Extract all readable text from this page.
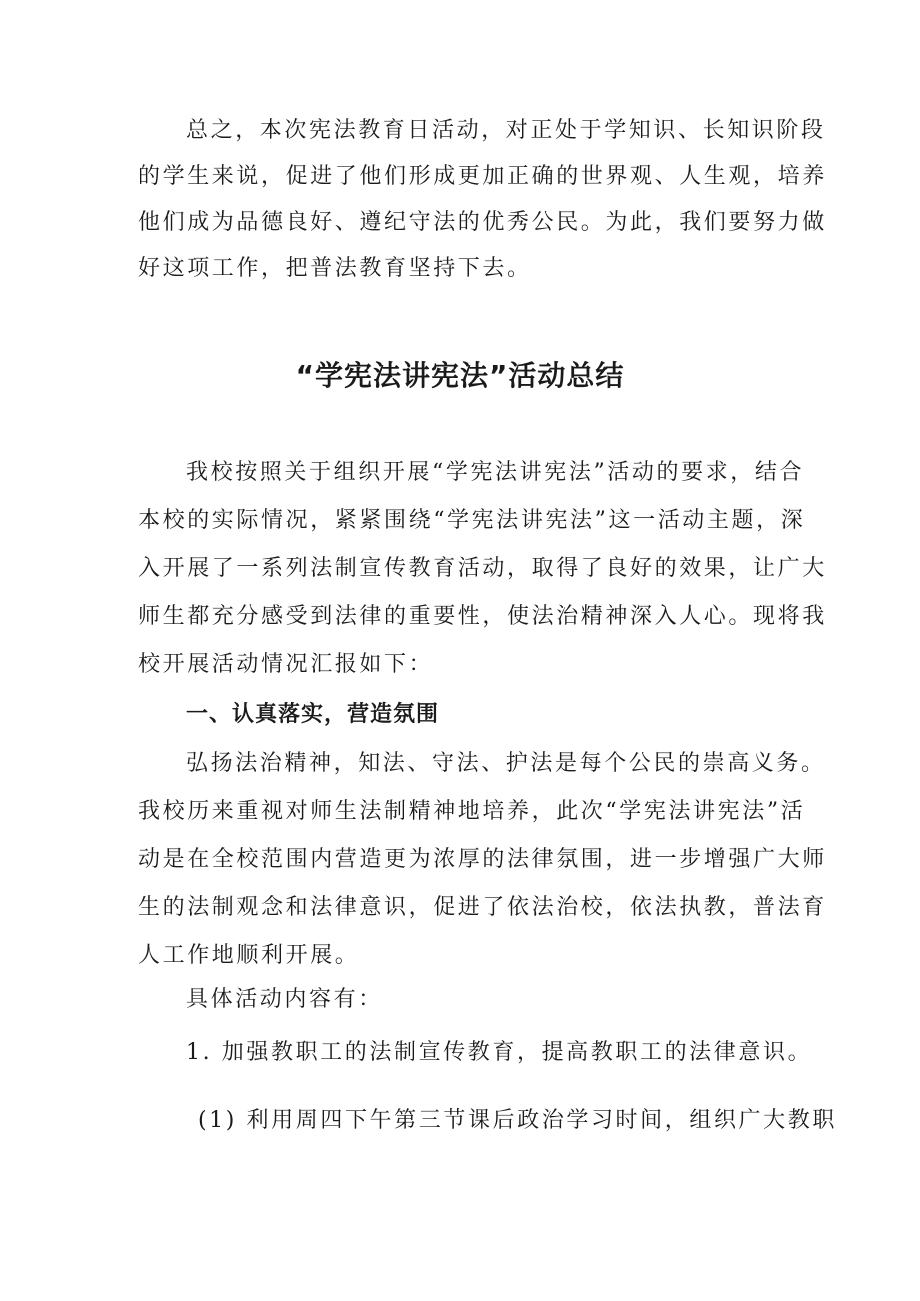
总之，本次宪法教育日活动，对正处于学知识、长知识阶段
的学生来说，促进了他们形成更加正确的世界观、人生观，培养
他们成为品德良好、遵纪守法的优秀公民。为此，我们要努力做
好这项工作，把普法教育坚持下去。
“学宪法讲宪法”活动总结
我校按照关于组织开展“学宪法讲宪法”活动的要求，结合
本校的实际情况，紧紧围绕“学宪法讲宪法”这一活动主题，深
入开展了一系列法制宣传教育活动，取得了良好的效果，让广大
师生都充分感受到法律的重要性，使法治精神深入人心。现将我
校开展活动情况汇报如下：
一、认真落实，营造氛围
弘扬法治精神，知法、守法、护法是每个公民的崇高义务。
我校历来重视对师生法制精神地培养，此次“学宪法讲宪法”活
动是在全校范围内营造更为浓厚的法律氛围，进一步增强广大师
生的法制观念和法律意识，促进了依法治校，依法执教，普法育
人工作地顺利开展。
具体活动内容有：
1. 加强教职工的法制宣传教育，提高教职工的法律意识。
(1) 利用周四下午第三节课后政治学习时间，组织广大教职
